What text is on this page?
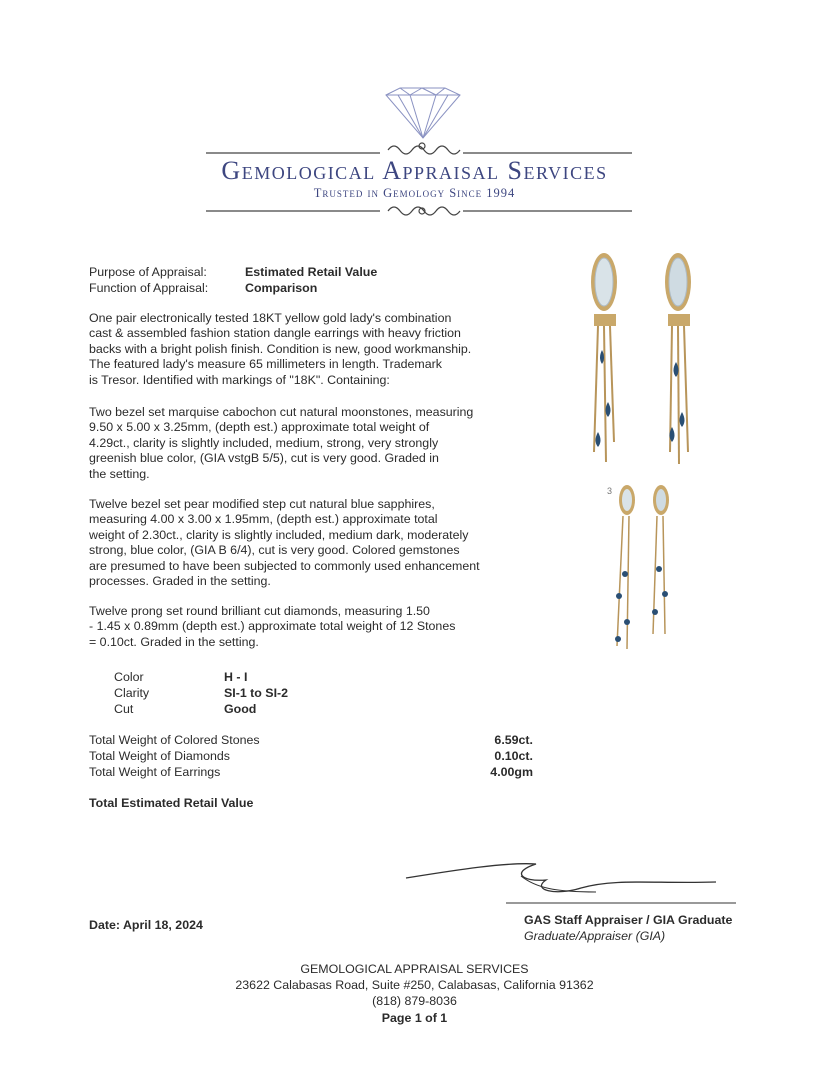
Gemological Appraisal Services
Trusted in Gemology Since 1994
Purpose of Appraisal:	Estimated Retail Value
Function of Appraisal:	Comparison
One pair electronically tested 18KT yellow gold lady's combination
cast & assembled fashion station dangle earrings with heavy friction
backs with a bright polish finish. Condition is new, good workmanship.
The featured lady's measure 65 millimeters in length. Trademark
is Tresor. Identified with markings of "18K". Containing:
Two bezel set marquise cabochon cut natural moonstones, measuring
9.50 x 5.00 x 3.25mm, (depth est.) approximate total weight of
4.29ct., clarity is slightly included, medium, strong, very strongly
greenish blue color, (GIA vstgB 5/5), cut is very good. Graded in
the setting.
Twelve bezel set pear modified step cut natural blue sapphires,
measuring 4.00 x 3.00 x 1.95mm, (depth est.) approximate total
weight of 2.30ct., clarity is slightly included, medium dark, moderately
strong, blue color, (GIA B 6/4), cut is very good. Colored gemstones
are presumed to have been subjected to commonly used enhancement
processes. Graded in the setting.
Twelve prong set round brilliant cut diamonds, measuring 1.50
- 1.45 x 0.89mm (depth est.) approximate total weight of 12 Stones
= 0.10ct. Graded in the setting.
Color	H - I
Clarity	SI-1 to SI-2
Cut	Good
Total Weight of Colored Stones	6.59ct.
Total Weight of Diamonds	0.10ct.
Total Weight of Earrings	4.00gm
Total Estimated Retail Value
3
GAS Staff Appraiser / GIA Graduate
Graduate/Appraiser (GIA)
Date: April 18, 2024
GEMOLOGICAL APPRAISAL SERVICES
23622 Calabasas Road, Suite #250, Calabasas, California 91362
(818) 879-8036
Page 1 of 1
